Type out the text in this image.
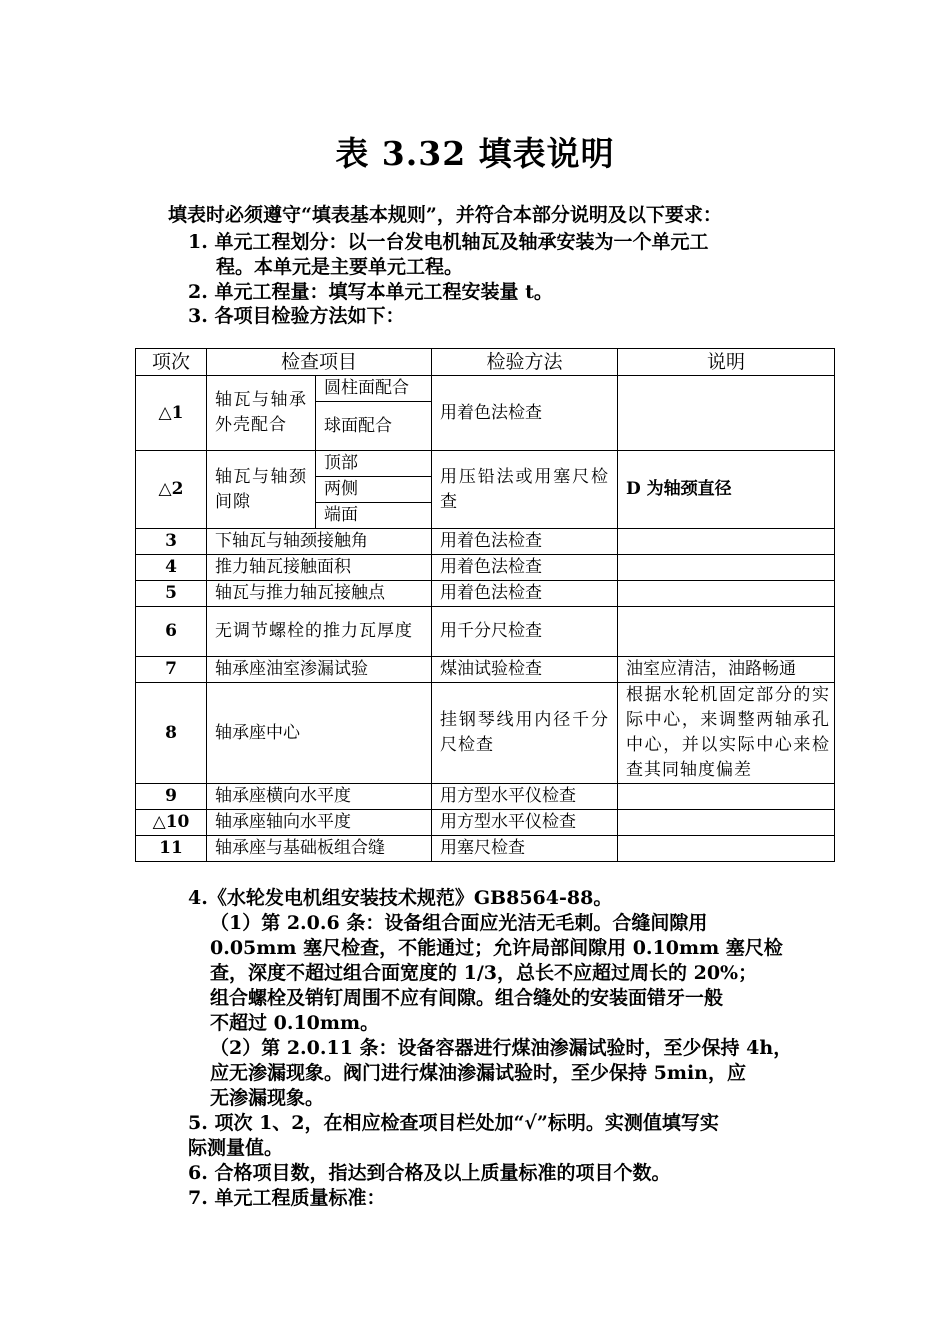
表 3.32 填表说明
填表时必须遵守“填表基本规则”，并符合本部分说明及以下要求：
1. 单元工程划分：以一台发电机轴瓦及轴承安装为一个单元工
程。本单元是主要单元工程。
2. 单元工程量：填写本单元工程安装量 t。
3. 各项目检验方法如下：
项次	检查项目		检验方法	说明
△1	轴瓦与轴承外壳配合	圆柱面配合	用着色法检查	
		球面配合		
△2	轴瓦与轴颈间隙	顶部	用压铅法或用塞尺检查	D 为轴颈直径
		两侧		
		端面		
3	下轴瓦与轴颈接触角		用着色法检查	
4	推力轴瓦接触面积		用着色法检查	
5	轴瓦与推力轴瓦接触点		用着色法检查	
6	无调节螺栓的推力瓦厚度		用千分尺检查	
7	轴承座油室渗漏试验		煤油试验检查	油室应清洁，油路畅通
8	轴承座中心		挂钢琴线用内径千分尺检查	根据水轮机固定部分的实际中心，来调整两轴承孔中心，并以实际中心来检查其同轴度偏差
9	轴承座横向水平度		用方型水平仪检查	
△10	轴承座轴向水平度		用方型水平仪检查	
11	轴承座与基础板组合缝		用塞尺检查	
4.《水轮发电机组安装技术规范》GB8564-88。
（1）第 2.0.6 条：设备组合面应光洁无毛刺。合缝间隙用
0.05mm 塞尺检查，不能通过；允许局部间隙用 0.10mm 塞尺检
查，深度不超过组合面宽度的 1/3，总长不应超过周长的 20%；
组合螺栓及销钉周围不应有间隙。组合缝处的安装面错牙一般
不超过 0.10mm。
（2）第 2.0.11 条：设备容器进行煤油渗漏试验时，至少保持 4h，
应无渗漏现象。阀门进行煤油渗漏试验时，至少保持 5min，应
无渗漏现象。
5. 项次 1、2，在相应检查项目栏处加“√”标明。实测值填写实
际测量值。
6. 合格项目数，指达到合格及以上质量标准的项目个数。
7. 单元工程质量标准：
